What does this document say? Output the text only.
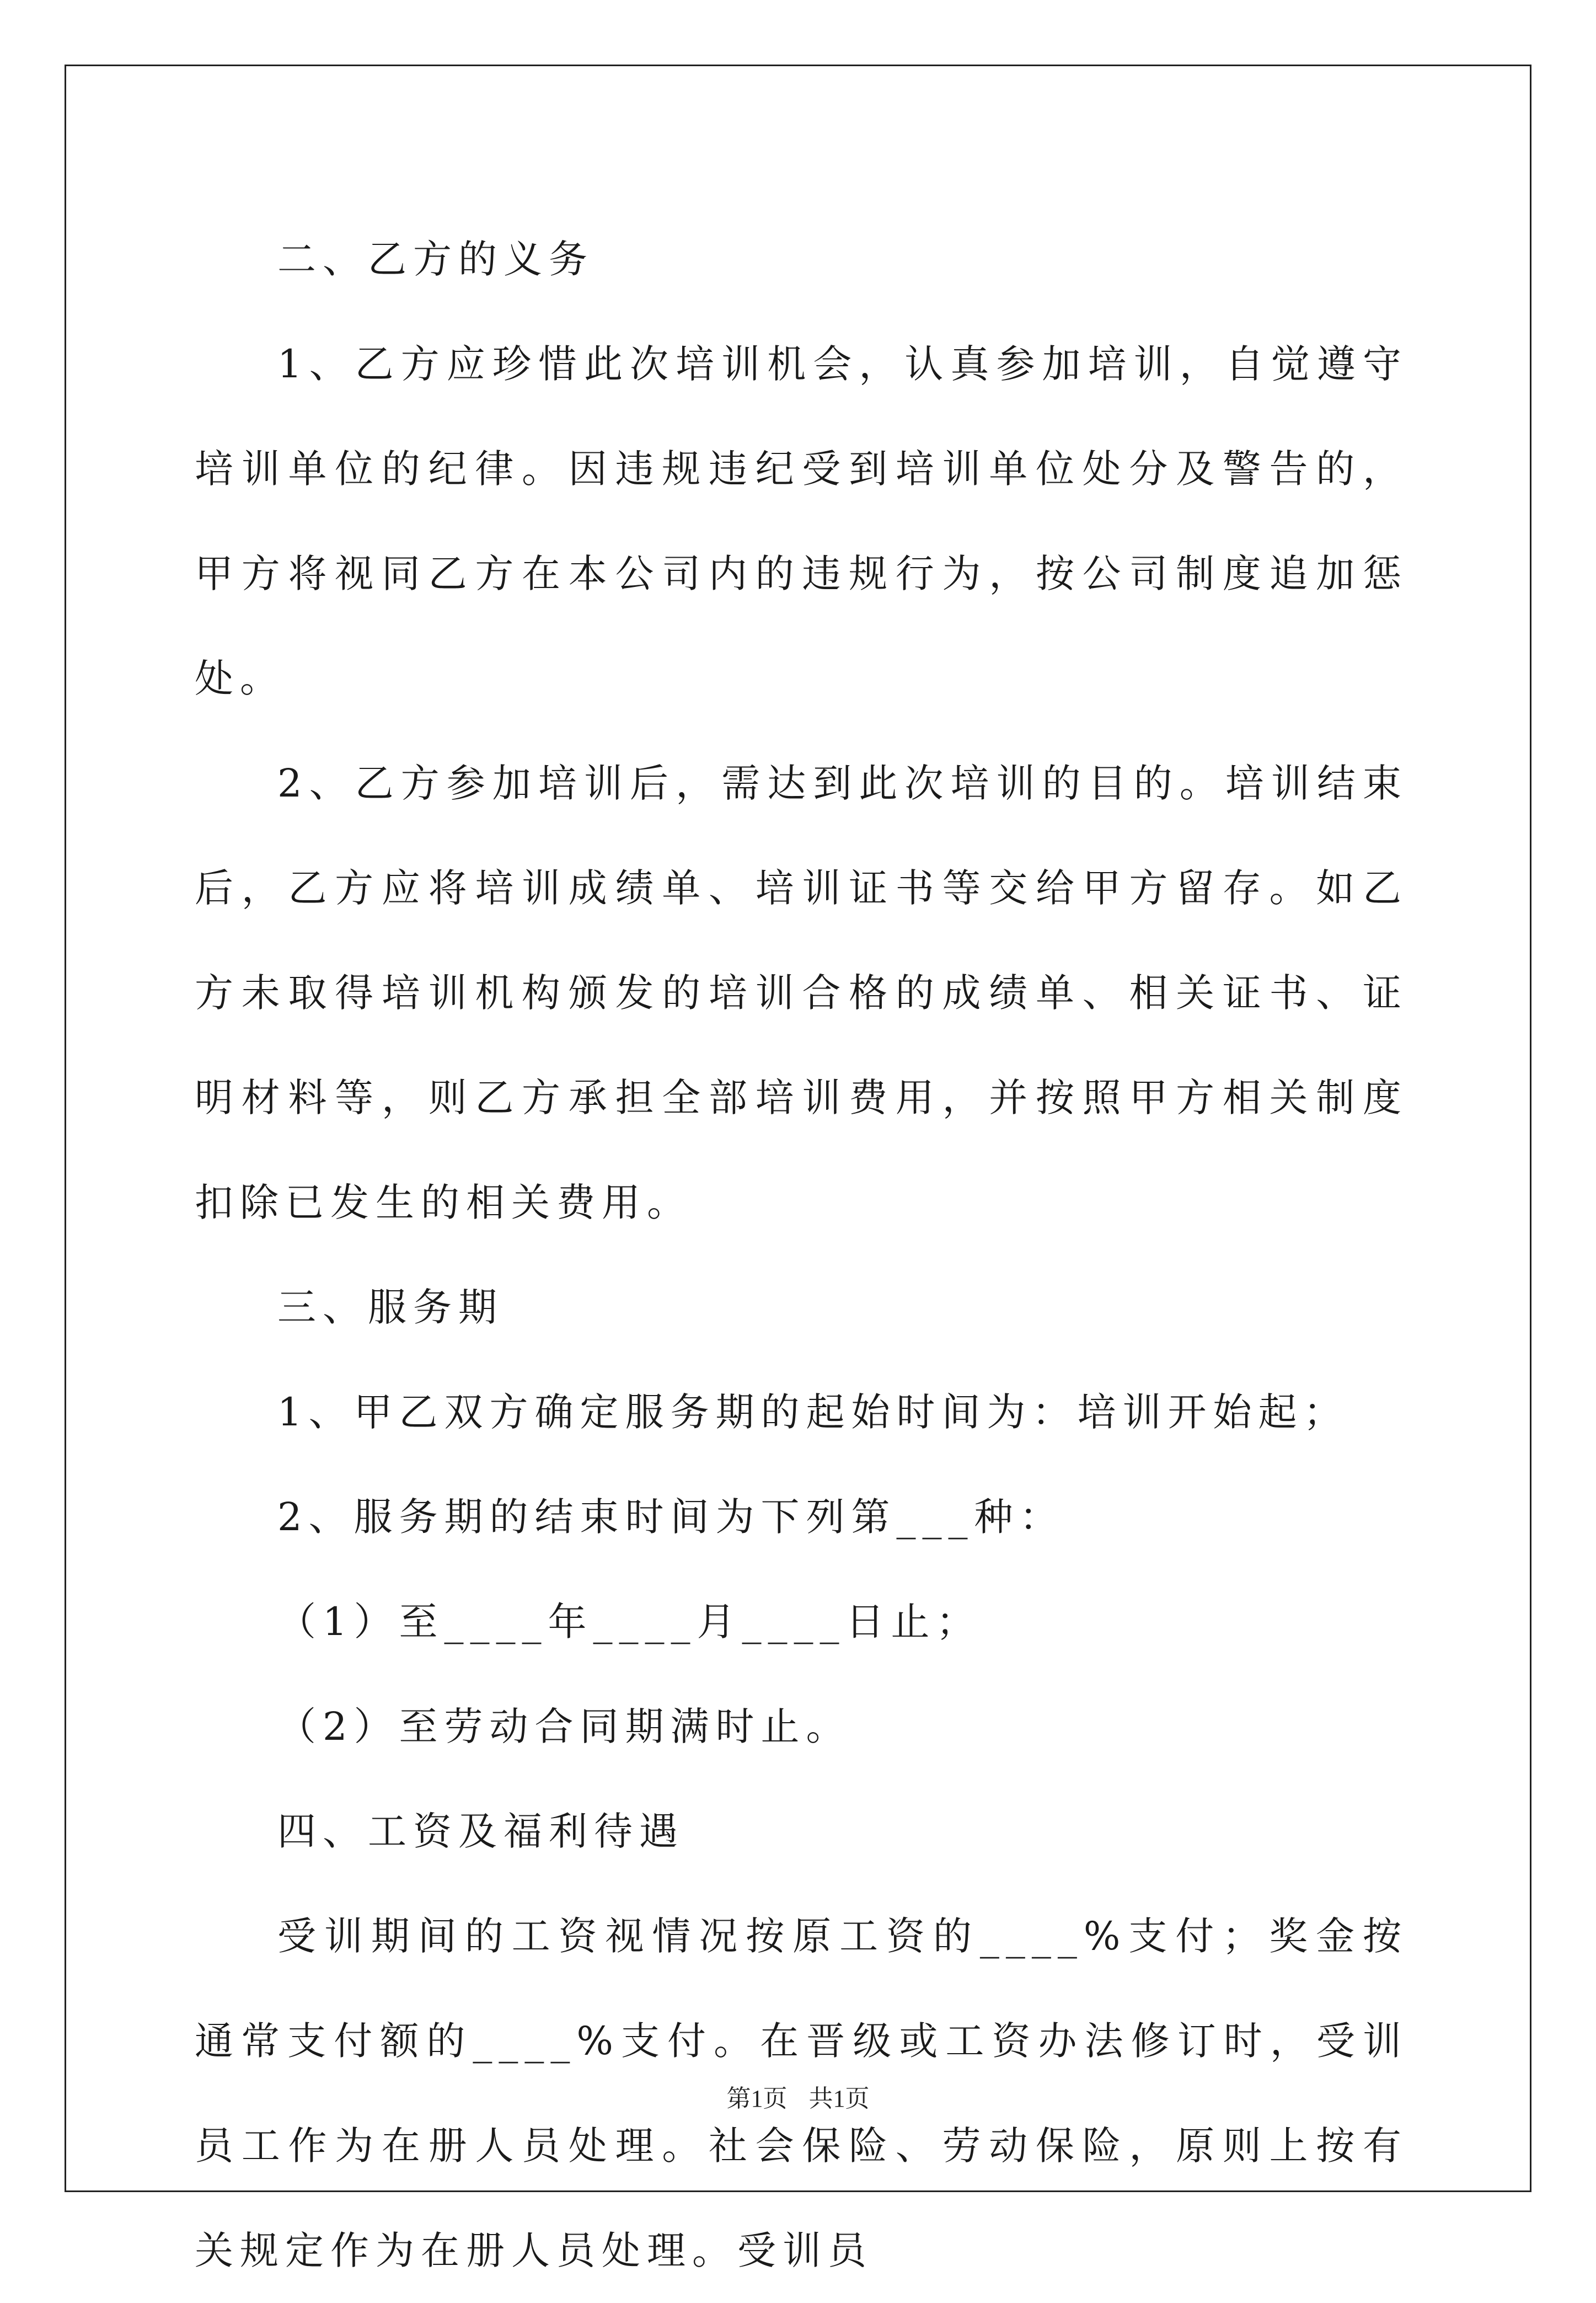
二、乙方的义务

1、乙方应珍惜此次培训机会，认真参加培训，自觉遵守培训单位的纪律。因违规违纪受到培训单位处分及警告的，甲方将视同乙方在本公司内的违规行为，按公司制度追加惩处。

2、乙方参加培训后，需达到此次培训的目的。培训结束后，乙方应将培训成绩单、培训证书等交给甲方留存。如乙方未取得培训机构颁发的培训合格的成绩单、相关证书、证明材料等，则乙方承担全部培训费用，并按照甲方相关制度扣除已发生的相关费用。

三、服务期

1、甲乙双方确定服务期的起始时间为：培训开始起；

2、服务期的结束时间为下列第___种：

（1）至____年____月____日止；

（2）至劳动合同期满时止。

四、工资及福利待遇

受训期间的工资视情况按原工资的____%支付；奖金按通常支付额的____%支付。在晋级或工资办法修订时，受训员工作为在册人员处理。社会保险、劳动保险，原则上按有关规定作为在册人员处理。受训员

第1页 共1页
